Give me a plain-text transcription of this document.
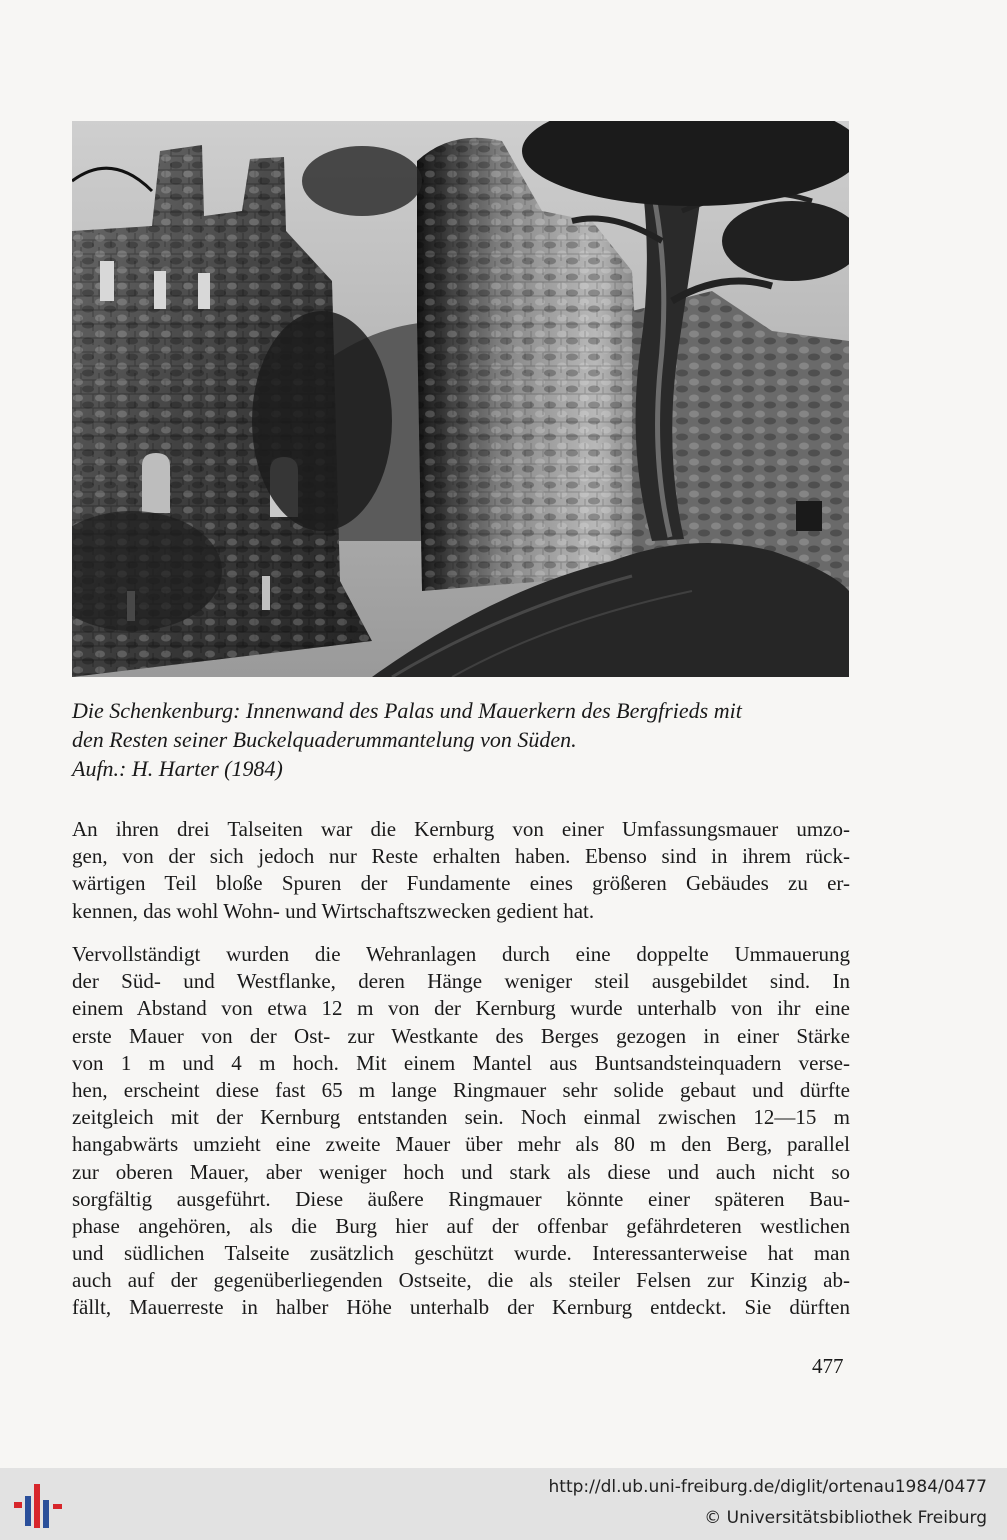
Die Schenkenburg: Innenwand des Palas und Mauerkern des Bergfrieds mit
den Resten seiner Buckelquaderummantelung von Süden.
Aufn.: H. Harter (1984)
An ihren drei Talseiten war die Kernburg von einer Umfassungsmauer umzo-
gen, von der sich jedoch nur Reste erhalten haben. Ebenso sind in ihrem rück-
wärtigen Teil bloße Spuren der Fundamente eines größeren Gebäudes zu er-
kennen, das wohl Wohn- und Wirtschaftszwecken gedient hat.
Vervollständigt wurden die Wehranlagen durch eine doppelte Ummauerung
der Süd- und Westflanke, deren Hänge weniger steil ausgebildet sind. In
einem Abstand von etwa 12 m von der Kernburg wurde unterhalb von ihr eine
erste Mauer von der Ost- zur Westkante des Berges gezogen in einer Stärke
von 1 m und 4 m hoch. Mit einem Mantel aus Buntsandsteinquadern verse-
hen, erscheint diese fast 65 m lange Ringmauer sehr solide gebaut und dürfte
zeitgleich mit der Kernburg entstanden sein. Noch einmal zwischen 12—15 m
hangabwärts umzieht eine zweite Mauer über mehr als 80 m den Berg, parallel
zur oberen Mauer, aber weniger hoch und stark als diese und auch nicht so
sorgfältig ausgeführt. Diese äußere Ringmauer könnte einer späteren Bau-
phase angehören, als die Burg hier auf der offenbar gefährdeteren westlichen
und südlichen Talseite zusätzlich geschützt wurde. Interessanterweise hat man
auch auf der gegenüberliegenden Ostseite, die als steiler Felsen zur Kinzig ab-
fällt, Mauerreste in halber Höhe unterhalb der Kernburg entdeckt. Sie dürften
477
http://dl.ub.uni-freiburg.de/diglit/ortenau1984/0477
© Universitätsbibliothek Freiburg
